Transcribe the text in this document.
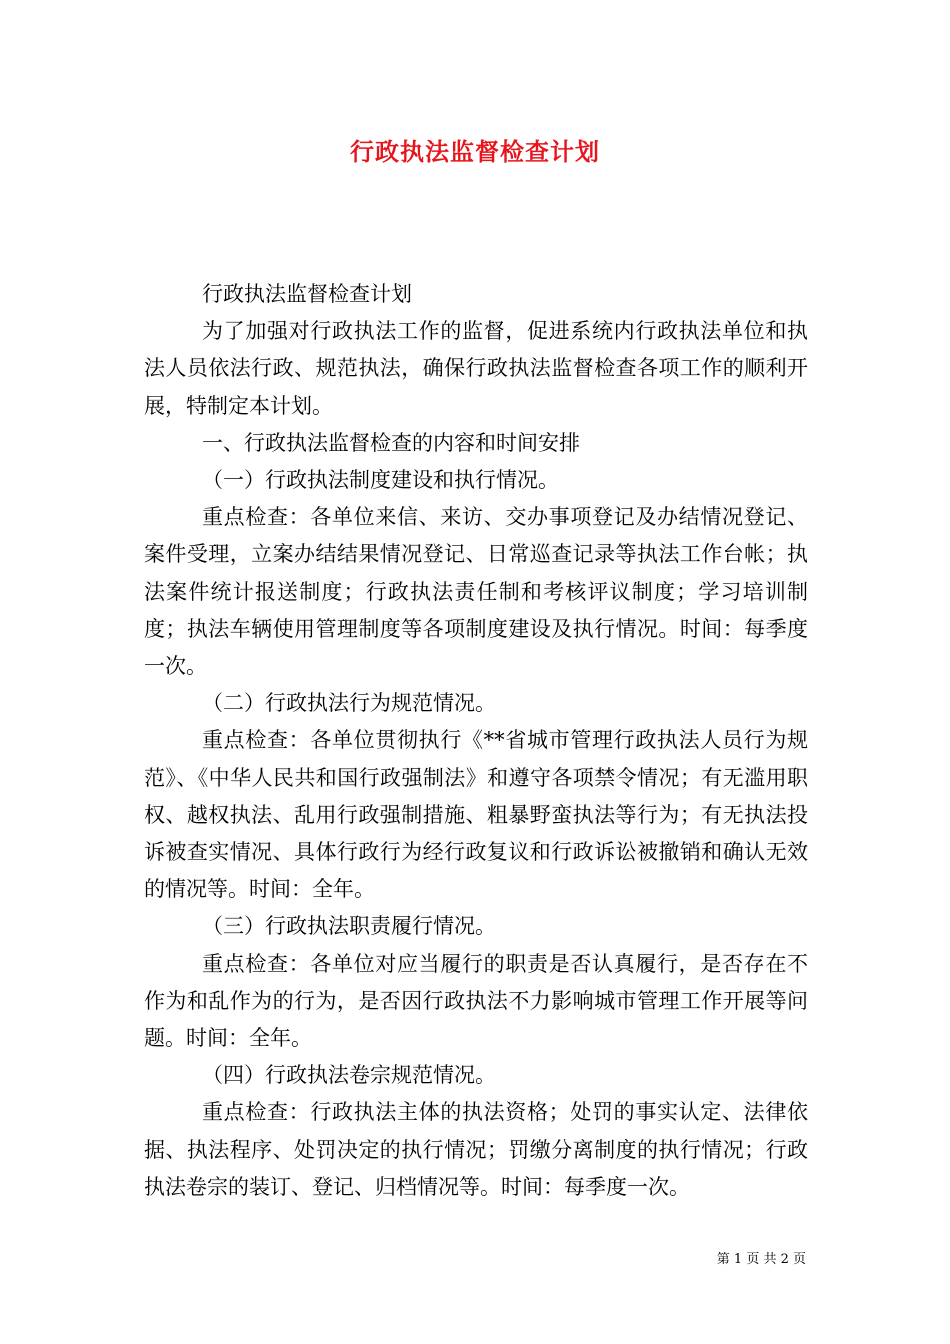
行政执法监督检查计划

行政执法监督检查计划

为了加强对行政执法工作的监督，促进系统内行政执法单位和执法人员依法行政、规范执法，确保行政执法监督检查各项工作的顺利开展，特制定本计划。

一、行政执法监督检查的内容和时间安排

（一）行政执法制度建设和执行情况。

重点检查：各单位来信、来访、交办事项登记及办结情况登记、案件受理，立案办结结果情况登记、日常巡查记录等执法工作台帐；执法案件统计报送制度；行政执法责任制和考核评议制度；学习培训制度；执法车辆使用管理制度等各项制度建设及执行情况。时间：每季度一次。

（二）行政执法行为规范情况。

重点检查：各单位贯彻执行《**省城市管理行政执法人员行为规范》、《中华人民共和国行政强制法》和遵守各项禁令情况；有无滥用职权、越权执法、乱用行政强制措施、粗暴野蛮执法等行为；有无执法投诉被查实情况、具体行政行为经行政复议和行政诉讼被撤销和确认无效的情况等。时间：全年。

（三）行政执法职责履行情况。

重点检查：各单位对应当履行的职责是否认真履行，是否存在不作为和乱作为的行为，是否因行政执法不力影响城市管理工作开展等问题。时间：全年。

（四）行政执法卷宗规范情况。

重点检查：行政执法主体的执法资格；处罚的事实认定、法律依据、执法程序、处罚决定的执行情况；罚缴分离制度的执行情况；行政执法卷宗的装订、登记、归档情况等。时间：每季度一次。

第 1 页 共 2 页
